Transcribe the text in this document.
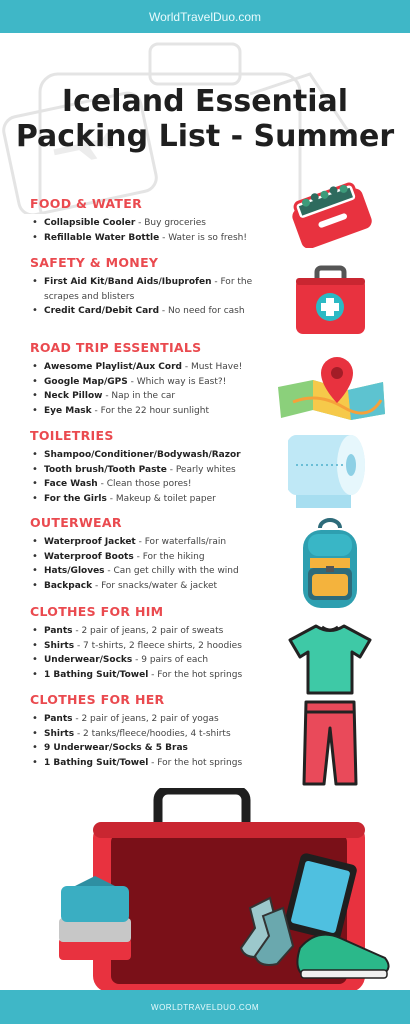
WorldTravelDuo.com
Iceland Essential Packing List - Summer
FOOD & WATER
• Collapsible Cooler - Buy groceries
• Refillable Water Bottle - Water is so fresh!
SAFETY & MONEY
• First Aid Kit/Band Aids/Ibuprofen - For the scrapes and blisters
• Credit Card/Debit Card - No need for cash
ROAD TRIP ESSENTIALS
• Awesome Playlist/Aux Cord - Must Have!
• Google Map/GPS - Which way is East?!
• Neck Pillow - Nap in the car
• Eye Mask - For the 22 hour sunlight
TOILETRIES
• Shampoo/Conditioner/Bodywash/Razor
• Tooth brush/Tooth Paste - Pearly whites
• Face Wash - Clean those pores!
• For the Girls - Makeup & toilet paper
OUTERWEAR
• Waterproof Jacket - For waterfalls/rain
• Waterproof Boots - For the hiking
• Hats/Gloves - Can get chilly with the wind
• Backpack - For snacks/water & jacket
CLOTHES FOR HIM
• Pants - 2 pair of jeans, 2 pair of sweats
• Shirts - 7 t-shirts, 2 fleece shirts, 2 hoodies
• Underwear/Socks - 9 pairs of each
• 1 Bathing Suit/Towel - For the hot springs
CLOTHES FOR HER
• Pants - 2 pair of jeans, 2 pair of yogas
• Shirts - 2 tanks/fleece/hoodies, 4 t-shirts
• 9 Underwear/Socks & 5 Bras
• 1 Bathing Suit/Towel - For the hot springs
WORLDTRAVELDUO.COM
